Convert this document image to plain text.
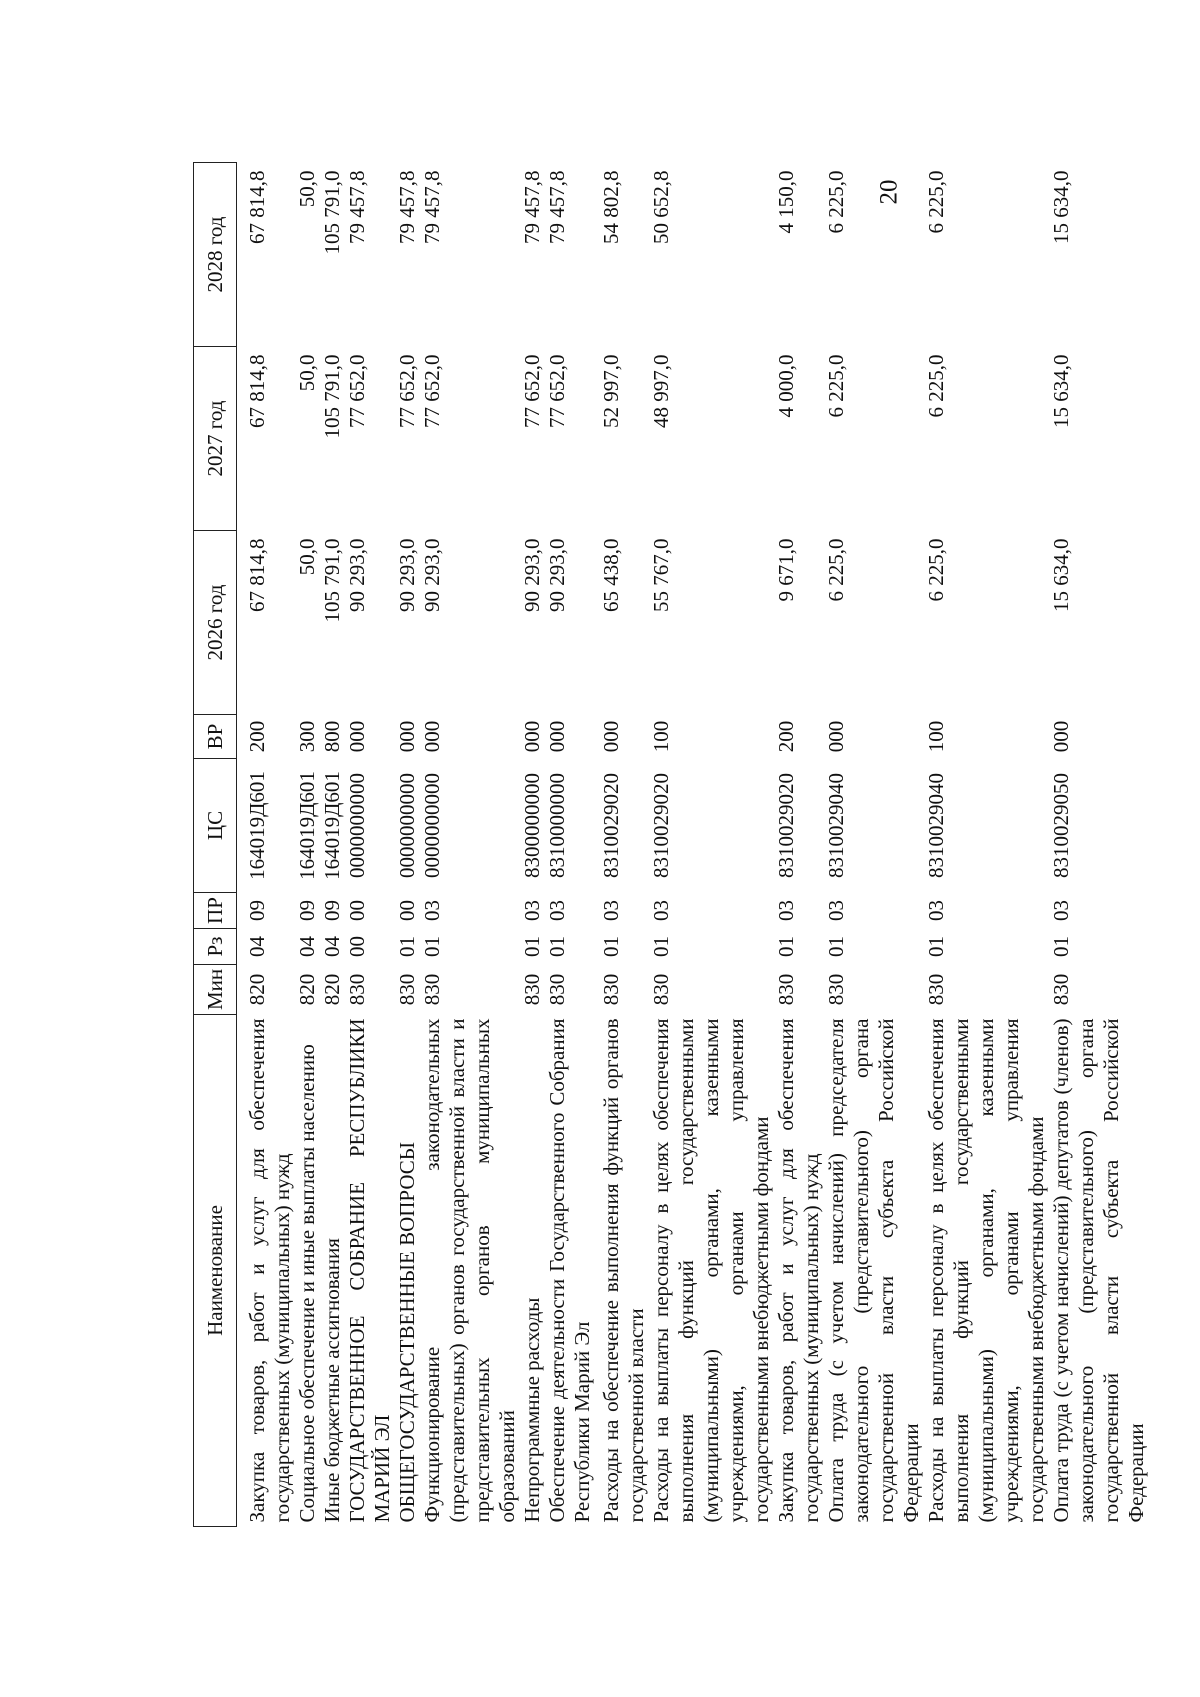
20
Наименование	Мин	Рз	ПР	ЦС	ВР	2026 год	2027 год	2028 год
Закупка товаров, работ и услуг для обеспечения государственных (муниципальных) нужд	820	04	09	164019Д601	200	67 814,8	67 814,8	67 814,8
Социальное обеспечение и иные выплаты населению	820	04	09	164019Д601	300	50,0	50,0	50,0
Иные бюджетные ассигнования	820	04	09	164019Д601	800	105 791,0	105 791,0	105 791,0
ГОСУДАРСТВЕННОЕ СОБРАНИЕ РЕСПУБЛИКИ МАРИЙ ЭЛ	830	00	00	0000000000	000	90 293,0	77 652,0	79 457,8
ОБЩЕГОСУДАРСТВЕННЫЕ ВОПРОСЫ	830	01	00	0000000000	000	90 293,0	77 652,0	79 457,8
Функционирование законодательных (представительных) органов государственной власти и представительных органов муниципальных образований	830	01	03	0000000000	000	90 293,0	77 652,0	79 457,8
Непрограммные расходы	830	01	03	8300000000	000	90 293,0	77 652,0	79 457,8
Обеспечение деятельности Государственного Собрания Республики Марий Эл	830	01	03	8310000000	000	90 293,0	77 652,0	79 457,8
Расходы на обеспечение выполнения функций органов государственной власти	830	01	03	8310029020	000	65 438,0	52 997,0	54 802,8
Расходы на выплаты персоналу в целях обеспечения выполнения функций государственными (муниципальными) органами, казенными учреждениями, органами управления государственными внебюджетными фондами	830	01	03	8310029020	100	55 767,0	48 997,0	50 652,8
Закупка товаров, работ и услуг для обеспечения государственных (муниципальных) нужд	830	01	03	8310029020	200	9 671,0	4 000,0	4 150,0
Оплата труда (с учетом начислений) председателя законодательного (представительного) органа государственной власти субъекта Российской Федерации	830	01	03	8310029040	000	6 225,0	6 225,0	6 225,0
Расходы на выплаты персоналу в целях обеспечения выполнения функций государственными (муниципальными) органами, казенными учреждениями, органами управления государственными внебюджетными фондами	830	01	03	8310029040	100	6 225,0	6 225,0	6 225,0
Оплата труда (с учетом начислений) депутатов (членов) законодательного (представительного) органа государственной власти субъекта Российской Федерации	830	01	03	8310029050	000	15 634,0	15 634,0	15 634,0
